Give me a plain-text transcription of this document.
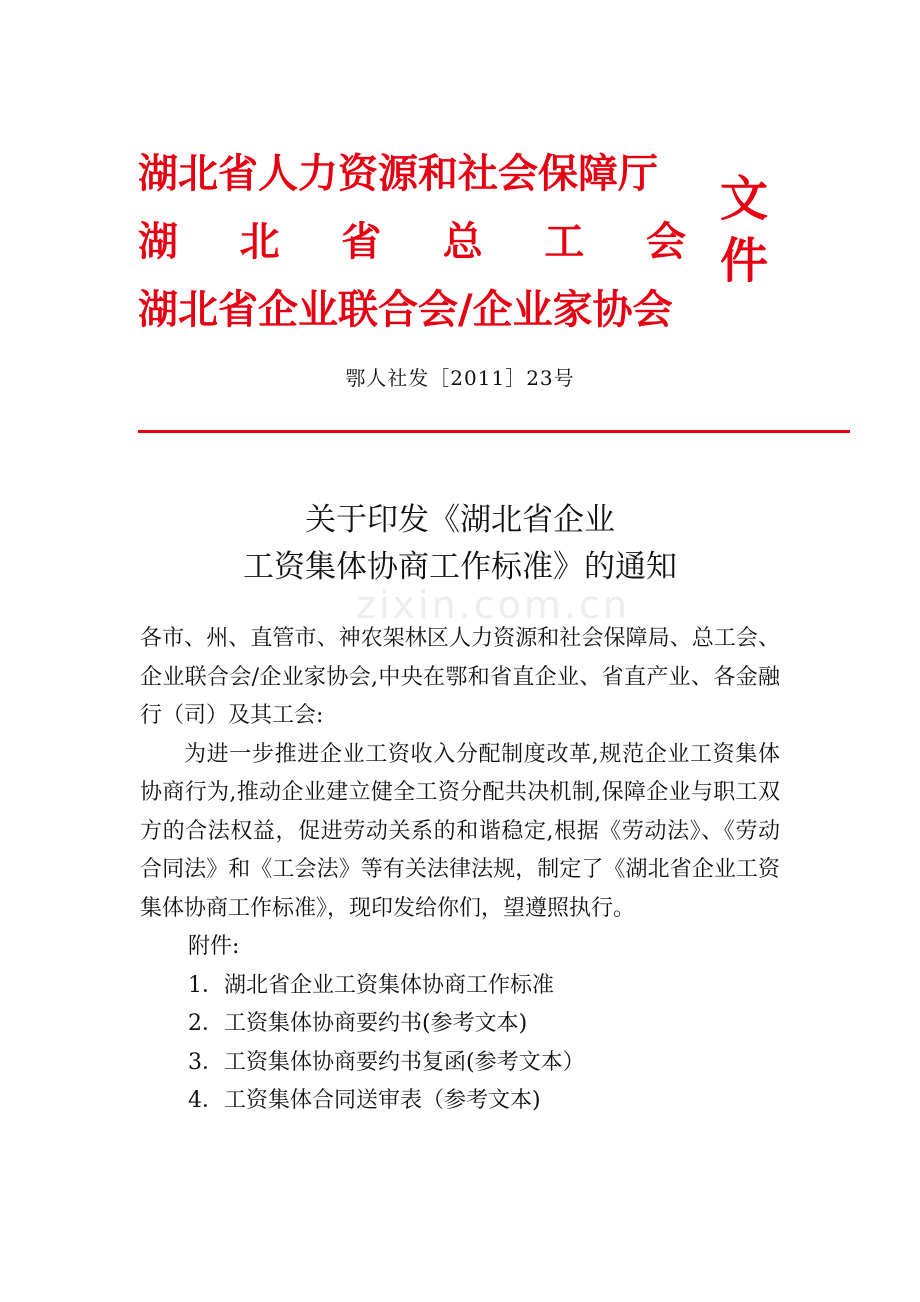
湖北省人力资源和社会保障厅
湖 北 省 总 工 会
湖北省企业联合会/企业家协会
文
件
鄂人社发［2011］23号
关于印发《湖北省企业
工资集体协商工作标准》的通知
zixin.com.cn

各市、州、直管市、神农架林区人力资源和社会保障局、总工会、企业联合会/企业家协会,中央在鄂和省直企业、省直产业、各金融行（司）及其工会:

为进一步推进企业工资收入分配制度改革,规范企业工资集体协商行为,推动企业建立健全工资分配共决机制,保障企业与职工双方的合法权益，促进劳动关系的和谐稳定,根据《劳动法》、《劳动合同法》和《工会法》等有关法律法规，制定了《湖北省企业工资集体协商工作标准》，现印发给你们，望遵照执行。

附件:

1．湖北省企业工资集体协商工作标准

2．工资集体协商要约书(参考文本)

3．工资集体协商要约书复函(参考文本）

4．工资集体合同送审表（参考文本)
